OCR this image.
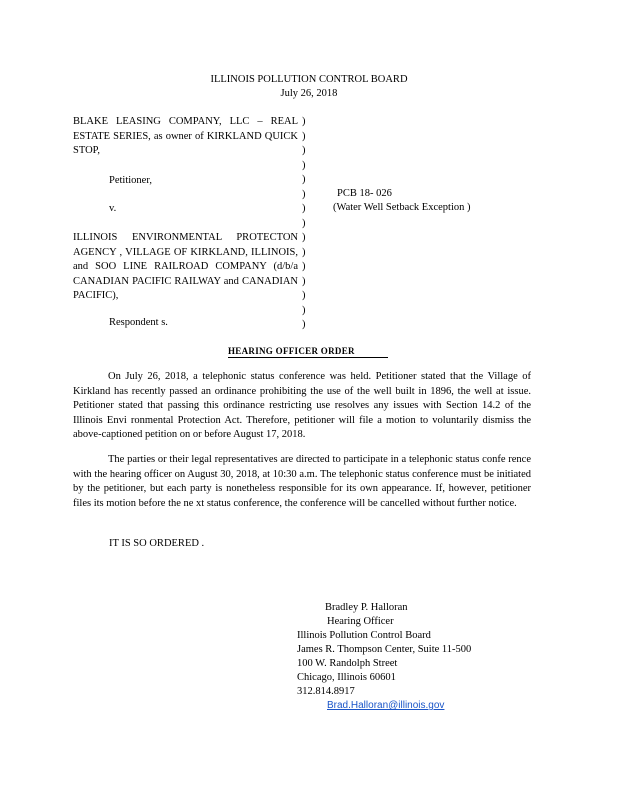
ILLINOIS POLLUTION CONTROL BOARD
July 26, 2018
BLAKE LEASING COMPANY, LLC – REAL ESTATE SERIES, as owner of KIRKLAND QUICK STOP,
Petitioner,
v.
ILLINOIS ENVIRONMENTAL PROTECTON AGENCY , VILLAGE OF KIRKLAND, ILLINOIS, and SOO LINE RAILROAD COMPANY (d/b/a CANADIAN PACIFIC RAILWAY and CANADIAN PACIFIC),
Respondent s.
)
)
)
)
)
)
)
)
)
)
)
)
)
)
)
PCB 18- 026
(Water Well Setback Exception )
HEARING OFFICER ORDER
On July 26, 2018, a telephonic status conference was held. Petitioner stated that the Village of Kirkland has recently passed an ordinance prohibiting the use of the well built in 1896, the well at issue. Petitioner stated that passing this ordinance restricting use resolves any issues with Section 14.2 of the Illinois Envi ronmental Protection Act. Therefore, petitioner will file a motion to voluntarily dismiss the above-captioned petition on or before August 17, 2018.
The parties or their legal representatives are directed to participate in a telephonic status confe rence with the hearing officer on August 30, 2018, at 10:30 a.m. The telephonic status conference must be initiated by the petitioner, but each party is nonetheless responsible for its own appearance. If, however, petitioner files its motion before the ne xt status conference, the conference will be cancelled without further notice.
IT IS SO ORDERED .
Bradley P. Halloran
Hearing Officer
Illinois Pollution Control Board
James R. Thompson Center, Suite 11-500
100 W. Randolph Street
Chicago, Illinois 60601
312.814.8917
Brad.Halloran@illinois.gov
